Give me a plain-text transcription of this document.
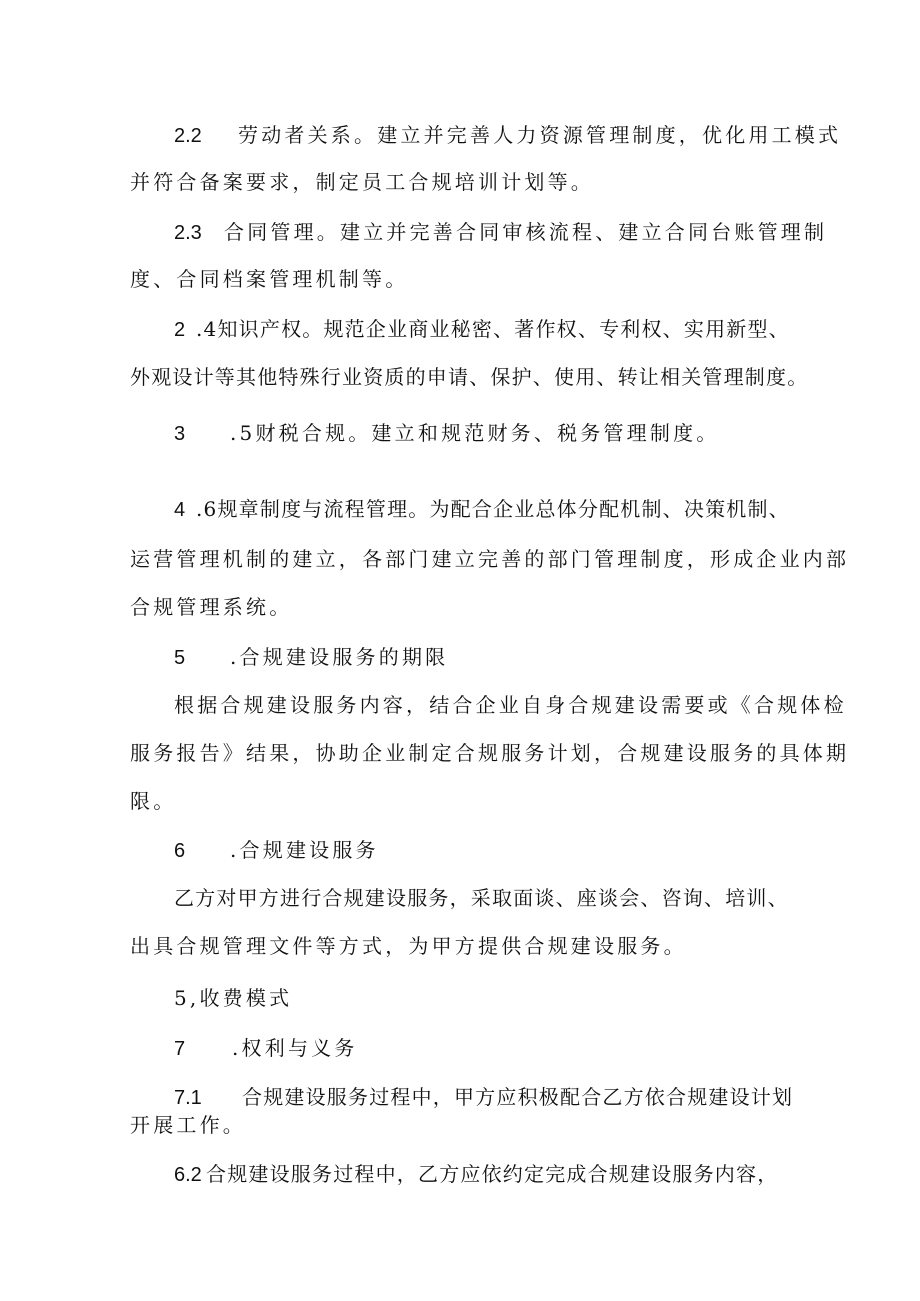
2.2 劳动者关系。建立并完善人力资源管理制度，优化用工模式
并符合备案要求，制定员工合规培训计划等。
2.3 合同管理。建立并完善合同审核流程、建立合同台账管理制
度、合同档案管理机制等。
2 .4知识产权。规范企业商业秘密、著作权、专利权、实用新型、
外观设计等其他特殊行业资质的申请、保护、使用、转让相关管理制度。
3 .5财税合规。建立和规范财务、税务管理制度。
4 .6规章制度与流程管理。为配合企业总体分配机制、决策机制、
运营管理机制的建立，各部门建立完善的部门管理制度，形成企业内部
合规管理系统。
5 .合规建设服务的期限
根据合规建设服务内容，结合企业自身合规建设需要或《合规体检
服务报告》结果，协助企业制定合规服务计划，合规建设服务的具体期
限。
6 .合规建设服务
乙方对甲方进行合规建设服务，采取面谈、座谈会、咨询、培训、
出具合规管理文件等方式，为甲方提供合规建设服务。
5,收费模式
7 .权利与义务
7.1 合规建设服务过程中，甲方应积极配合乙方依合规建设计划
开展工作。
6.2 合规建设服务过程中，乙方应依约定完成合规建设服务内容，
